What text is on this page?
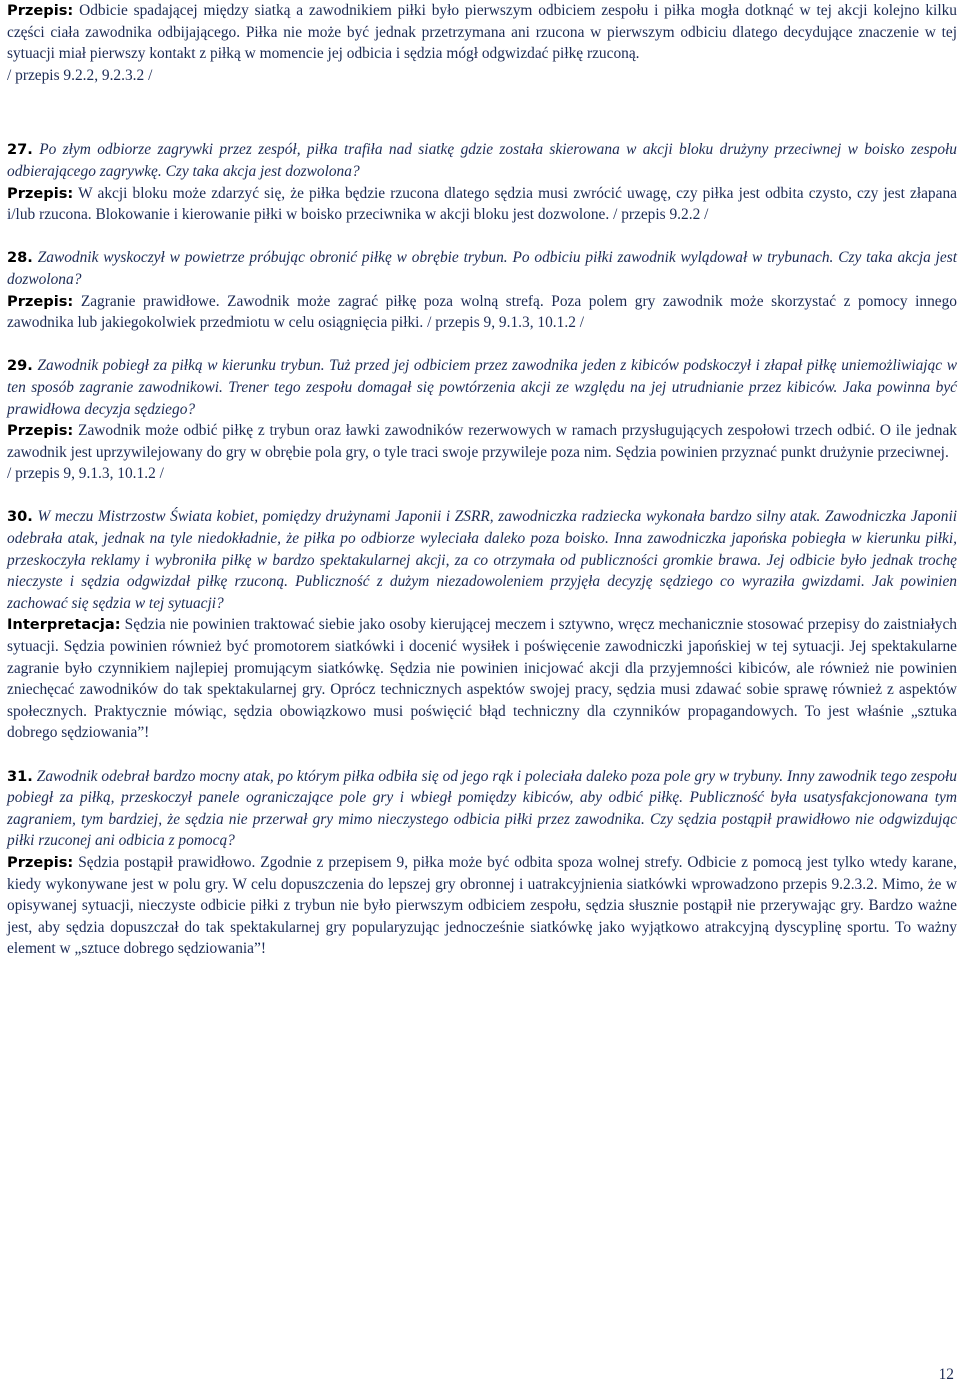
Przepis: Odbicie spadającej między siatką a zawodnikiem piłki było pierwszym odbiciem zespołu i piłka mogła dotknąć w tej akcji kolejno kilku części ciała zawodnika odbijającego. Piłka nie może być jednak przetrzymana ani rzucona w pierwszym odbiciu dlatego decydujące znaczenie w tej sytuacji miał pierwszy kontakt z piłką w momencie jej odbicia i sędzia mógł odgwizdać piłkę rzuconą.

/ przepis 9.2.2, 9.2.3.2 /

27. Po złym odbiorze zagrywki przez zespół, piłka trafiła nad siatkę gdzie została skierowana w akcji bloku drużyny przeciwnej w boisko zespołu odbierającego zagrywkę. Czy taka akcja jest dozwolona?

Przepis: W akcji bloku może zdarzyć się, że piłka będzie rzucona dlatego sędzia musi zwrócić uwagę, czy piłka jest odbita czysto, czy jest złapana i/lub rzucona. Blokowanie i kierowanie piłki w boisko przeciwnika w akcji bloku jest dozwolone. / przepis 9.2.2 /

28. Zawodnik wyskoczył w powietrze próbując obronić piłkę w obrębie trybun. Po odbiciu piłki zawodnik wylądował w trybunach. Czy taka akcja jest dozwolona?

Przepis: Zagranie prawidłowe. Zawodnik może zagrać piłkę poza wolną strefą. Poza polem gry zawodnik może skorzystać z pomocy innego zawodnika lub jakiegokolwiek przedmiotu w celu osiągnięcia piłki. / przepis 9, 9.1.3, 10.1.2 /

29. Zawodnik pobiegł za piłką w kierunku trybun. Tuż przed jej odbiciem przez zawodnika jeden z kibiców podskoczył i złapał piłkę uniemożliwiając w ten sposób zagranie zawodnikowi. Trener tego zespołu domagał się powtórzenia akcji ze względu na jej utrudnianie przez kibiców. Jaka powinna być prawidłowa decyzja sędziego?

Przepis: Zawodnik może odbić piłkę z trybun oraz ławki zawodników rezerwowych w ramach przysługujących zespołowi trzech odbić. O ile jednak zawodnik jest uprzywilejowany do gry w obrębie pola gry, o tyle traci swoje przywileje poza nim. Sędzia powinien przyznać punkt drużynie przeciwnej.

/ przepis 9, 9.1.3, 10.1.2 /

30. W meczu Mistrzostw Świata kobiet, pomiędzy drużynami Japonii i ZSRR, zawodniczka radziecka wykonała bardzo silny atak. Zawodniczka Japonii odebrała atak, jednak na tyle niedokładnie, że piłka po odbiorze wyleciała daleko poza boisko. Inna zawodniczka japońska pobiegła w kierunku piłki, przeskoczyła reklamy i wybroniła piłkę w bardzo spektakularnej akcji, za co otrzymała od publiczności gromkie brawa. Jej odbicie było jednak trochę nieczyste i sędzia odgwizdał piłkę rzuconą. Publiczność z dużym niezadowoleniem przyjęła decyzję sędziego co wyraziła gwizdami. Jak powinien zachować się sędzia w tej sytuacji?

Interpretacja: Sędzia nie powinien traktować siebie jako osoby kierującej meczem i sztywno, wręcz mechanicznie stosować przepisy do zaistniałych sytuacji. Sędzia powinien również być promotorem siatkówki i docenić wysiłek i poświęcenie zawodniczki japońskiej w tej sytuacji. Jej spektakularne zagranie było czynnikiem najlepiej promującym siatkówkę. Sędzia nie powinien inicjować akcji dla przyjemności kibiców, ale również nie powinien zniechęcać zawodników do tak spektakularnej gry. Oprócz technicznych aspektów swojej pracy, sędzia musi zdawać sobie sprawę również z aspektów społecznych. Praktycznie mówiąc, sędzia obowiązkowo musi poświęcić błąd techniczny dla czynników propagandowych. To jest właśnie „sztuka dobrego sędziowania”!

31. Zawodnik odebrał bardzo mocny atak, po którym piłka odbiła się od jego rąk i poleciała daleko poza pole gry w trybuny. Inny zawodnik tego zespołu pobiegł za piłką, przeskoczył panele ograniczające pole gry i wbiegł pomiędzy kibiców, aby odbić piłkę. Publiczność była usatysfakcjonowana tym zagraniem, tym bardziej, że sędzia nie przerwał gry mimo nieczystego odbicia piłki przez zawodnika. Czy sędzia postąpił prawidłowo nie odgwizdując piłki rzuconej ani odbicia z pomocą?

Przepis: Sędzia postąpił prawidłowo. Zgodnie z przepisem 9, piłka może być odbita spoza wolnej strefy. Odbicie z pomocą jest tylko wtedy karane, kiedy wykonywane jest w polu gry. W celu dopuszczenia do lepszej gry obronnej i uatrakcyjnienia siatkówki wprowadzono przepis 9.2.3.2. Mimo, że w opisywanej sytuacji, nieczyste odbicie piłki z trybun nie było pierwszym odbiciem zespołu, sędzia słusznie postąpił nie przerywając gry. Bardzo ważne jest, aby sędzia dopuszczał do tak spektakularnej gry popularyzując jednocześnie siatkówkę jako wyjątkowo atrakcyjną dyscyplinę sportu. To ważny element w „sztuce dobrego sędziowania”!

12
